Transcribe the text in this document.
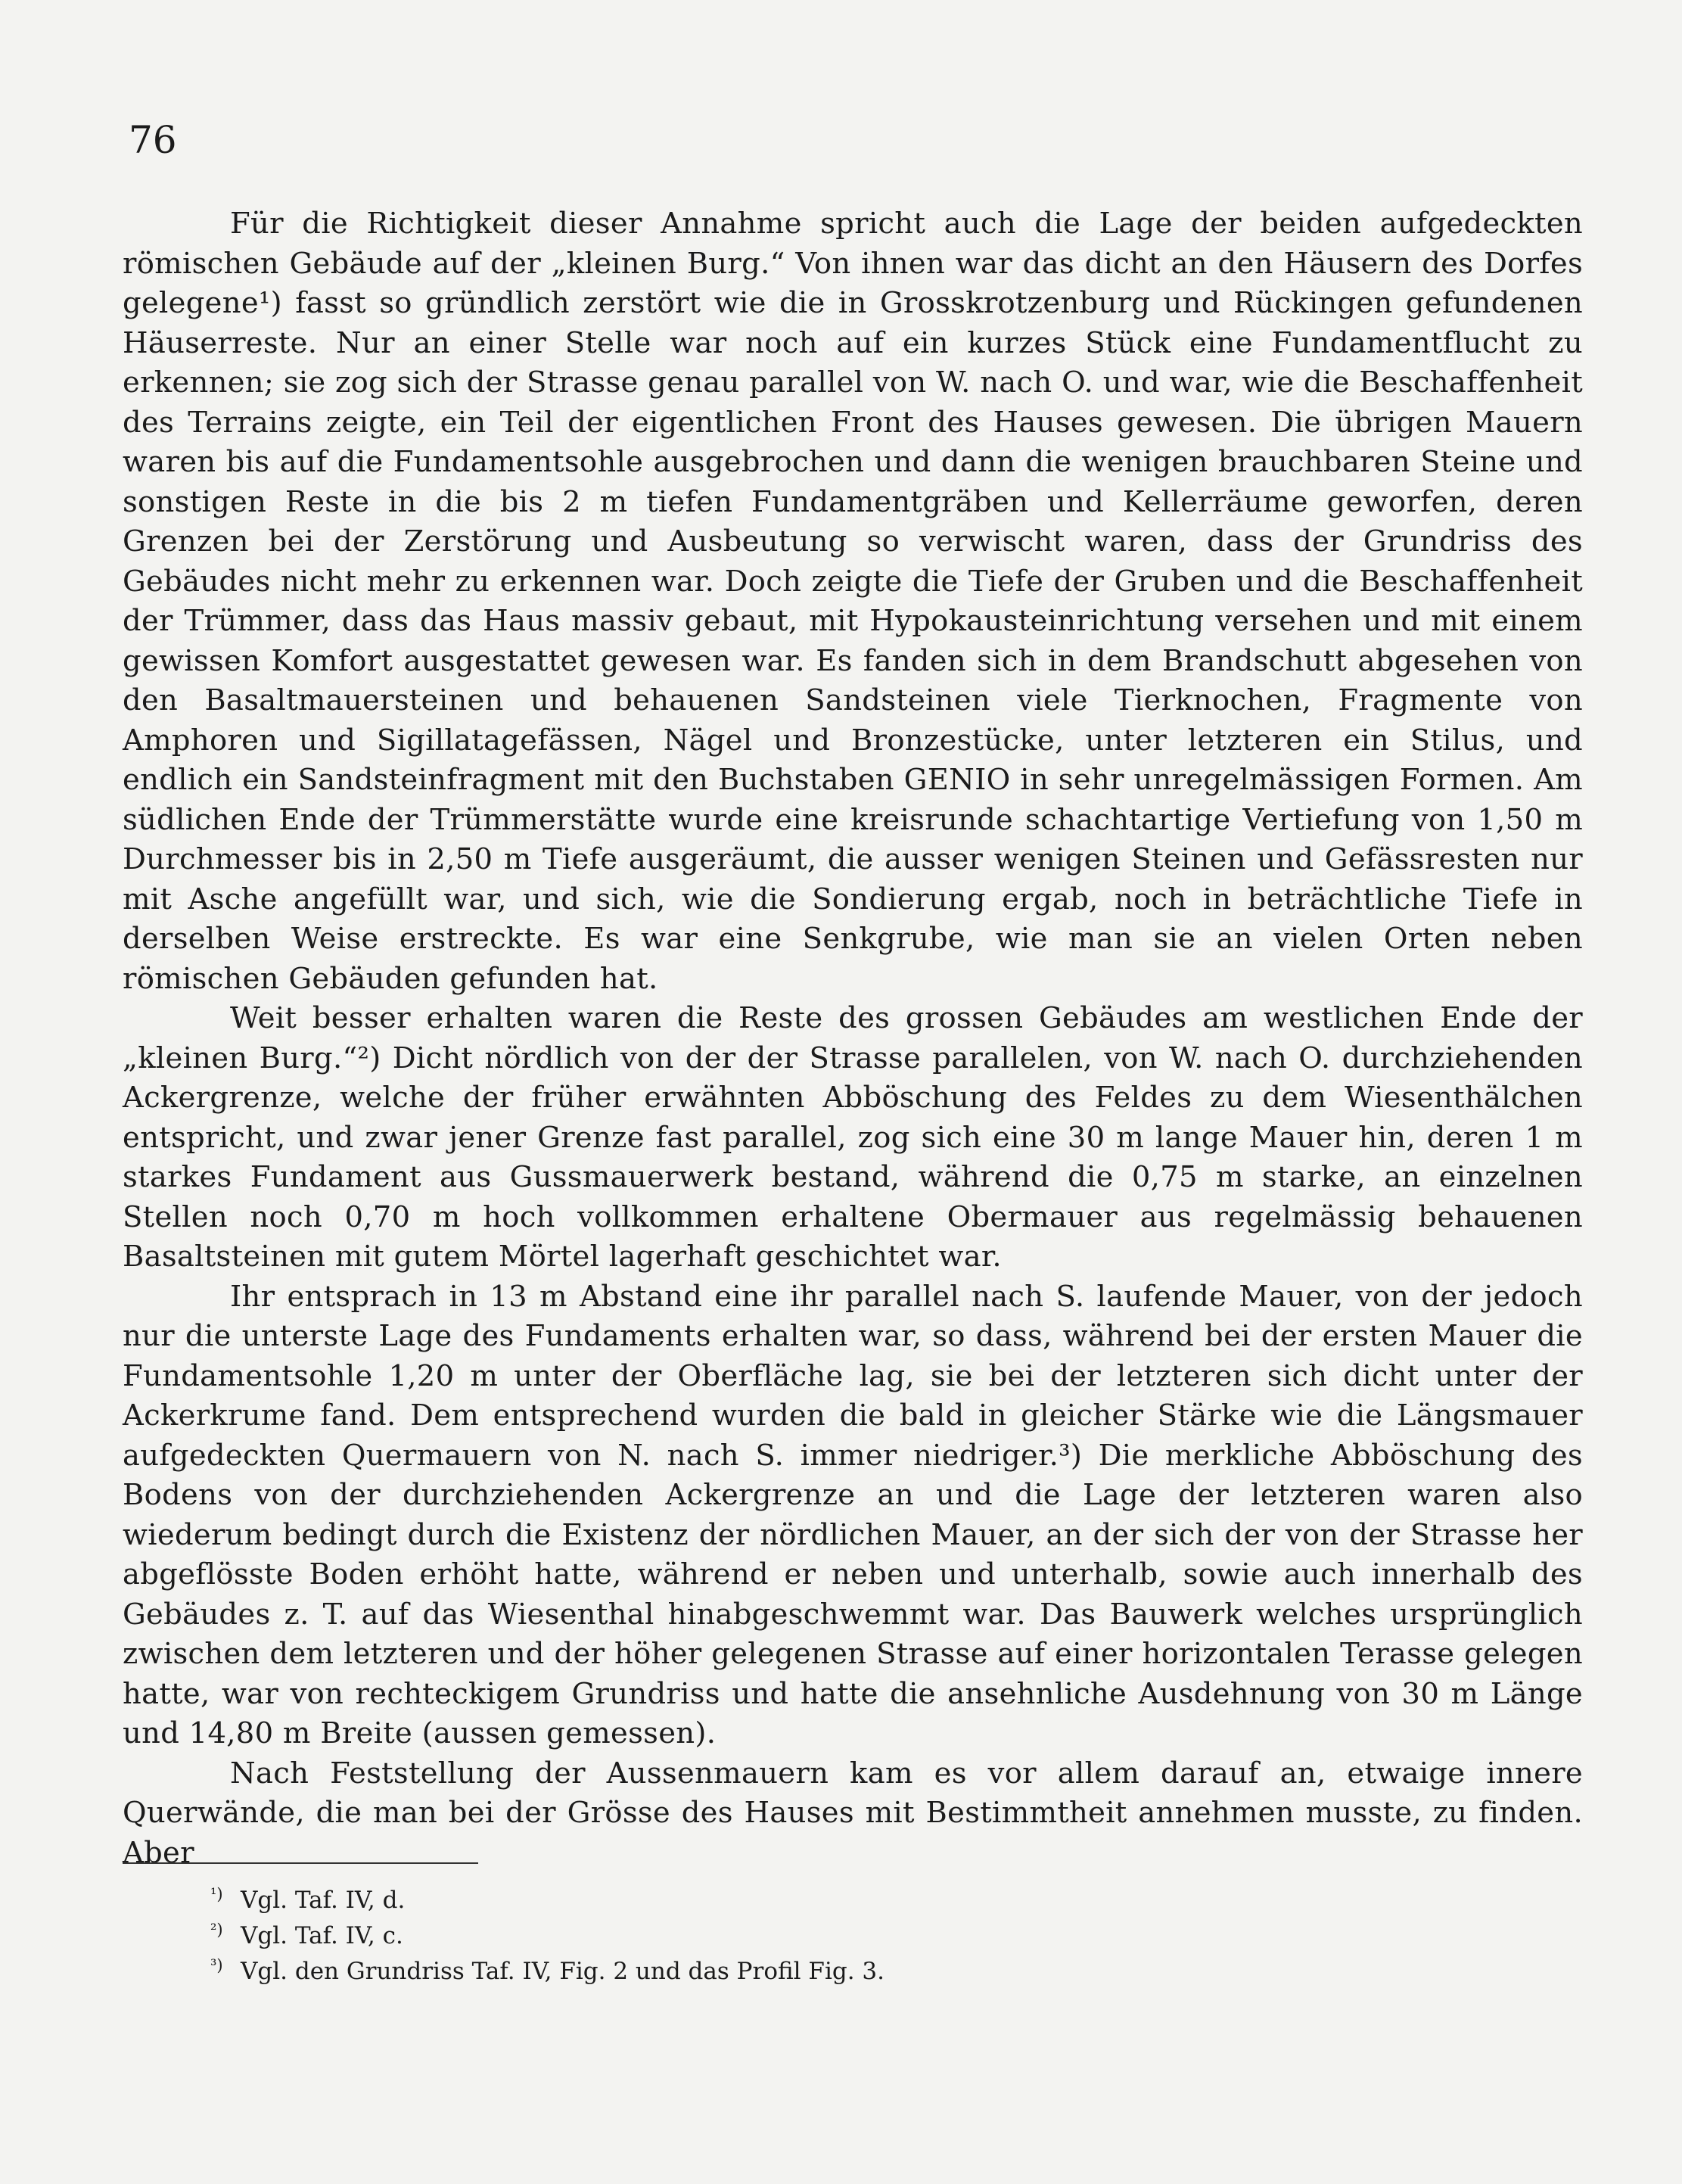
76

Für die Richtigkeit dieser Annahme spricht auch die Lage der beiden aufgedeckten römischen Gebäude auf der „kleinen Burg.“ Von ihnen war das dicht an den Häusern des Dorfes gelegene¹) fasst so gründlich zerstört wie die in Grosskrotzenburg und Rückingen gefundenen Häuserreste. Nur an einer Stelle war noch auf ein kurzes Stück eine Fundamentflucht zu erkennen; sie zog sich der Strasse genau parallel von W. nach O. und war, wie die Beschaffenheit des Terrains zeigte, ein Teil der eigentlichen Front des Hauses gewesen. Die übrigen Mauern waren bis auf die Fundamentsohle ausgebrochen und dann die wenigen brauchbaren Steine und sonstigen Reste in die bis 2 m tiefen Fundamentgräben und Kellerräume geworfen, deren Grenzen bei der Zerstörung und Ausbeutung so verwischt waren, dass der Grundriss des Gebäudes nicht mehr zu erkennen war. Doch zeigte die Tiefe der Gruben und die Beschaffenheit der Trümmer, dass das Haus massiv gebaut, mit Hypokausteinrichtung versehen und mit einem gewissen Komfort ausgestattet gewesen war. Es fanden sich in dem Brandschutt abgesehen von den Basaltmauersteinen und behauenen Sandsteinen viele Tierknochen, Fragmente von Amphoren und Sigillatagefässen, Nägel und Bronzestücke, unter letzteren ein Stilus, und endlich ein Sandsteinfragment mit den Buchstaben GENIO in sehr unregelmässigen Formen. Am südlichen Ende der Trümmerstätte wurde eine kreisrunde schachtartige Vertiefung von 1,50 m Durchmesser bis in 2,50 m Tiefe ausgeräumt, die ausser wenigen Steinen und Gefässresten nur mit Asche angefüllt war, und sich, wie die Sondierung ergab, noch in beträchtliche Tiefe in derselben Weise erstreckte. Es war eine Senkgrube, wie man sie an vielen Orten neben römischen Gebäuden gefunden hat.

Weit besser erhalten waren die Reste des grossen Gebäudes am westlichen Ende der „kleinen Burg.“²) Dicht nördlich von der der Strasse parallelen, von W. nach O. durchziehenden Ackergrenze, welche der früher erwähnten Abböschung des Feldes zu dem Wiesenthälchen entspricht, und zwar jener Grenze fast parallel, zog sich eine 30 m lange Mauer hin, deren 1 m starkes Fundament aus Gussmauerwerk bestand, während die 0,75 m starke, an einzelnen Stellen noch 0,70 m hoch vollkommen erhaltene Obermauer aus regelmässig behauenen Basaltsteinen mit gutem Mörtel lagerhaft geschichtet war.

Ihr entsprach in 13 m Abstand eine ihr parallel nach S. laufende Mauer, von der jedoch nur die unterste Lage des Fundaments erhalten war, so dass, während bei der ersten Mauer die Fundamentsohle 1,20 m unter der Oberfläche lag, sie bei der letzteren sich dicht unter der Ackerkrume fand. Dem entsprechend wurden die bald in gleicher Stärke wie die Längsmauer aufgedeckten Quermauern von N. nach S. immer niedriger.³) Die merkliche Abböschung des Bodens von der durchziehenden Ackergrenze an und die Lage der letzteren waren also wiederum bedingt durch die Existenz der nördlichen Mauer, an der sich der von der Strasse her abgeflösste Boden erhöht hatte, während er neben und unterhalb, sowie auch innerhalb des Gebäudes z. T. auf das Wiesenthal hinabgeschwemmt war. Das Bauwerk welches ursprünglich zwischen dem letzteren und der höher gelegenen Strasse auf einer horizontalen Terasse gelegen hatte, war von rechteckigem Grundriss und hatte die ansehnliche Ausdehnung von 30 m Länge und 14,80 m Breite (aussen gemessen).

Nach Feststellung der Aussenmauern kam es vor allem darauf an, etwaige innere Querwände, die man bei der Grösse des Hauses mit Bestimmtheit annehmen musste, zu finden. Aber

¹) Vgl. Taf. IV, d.
²) Vgl. Taf. IV, c.
³) Vgl. den Grundriss Taf. IV, Fig. 2 und das Profil Fig. 3.
